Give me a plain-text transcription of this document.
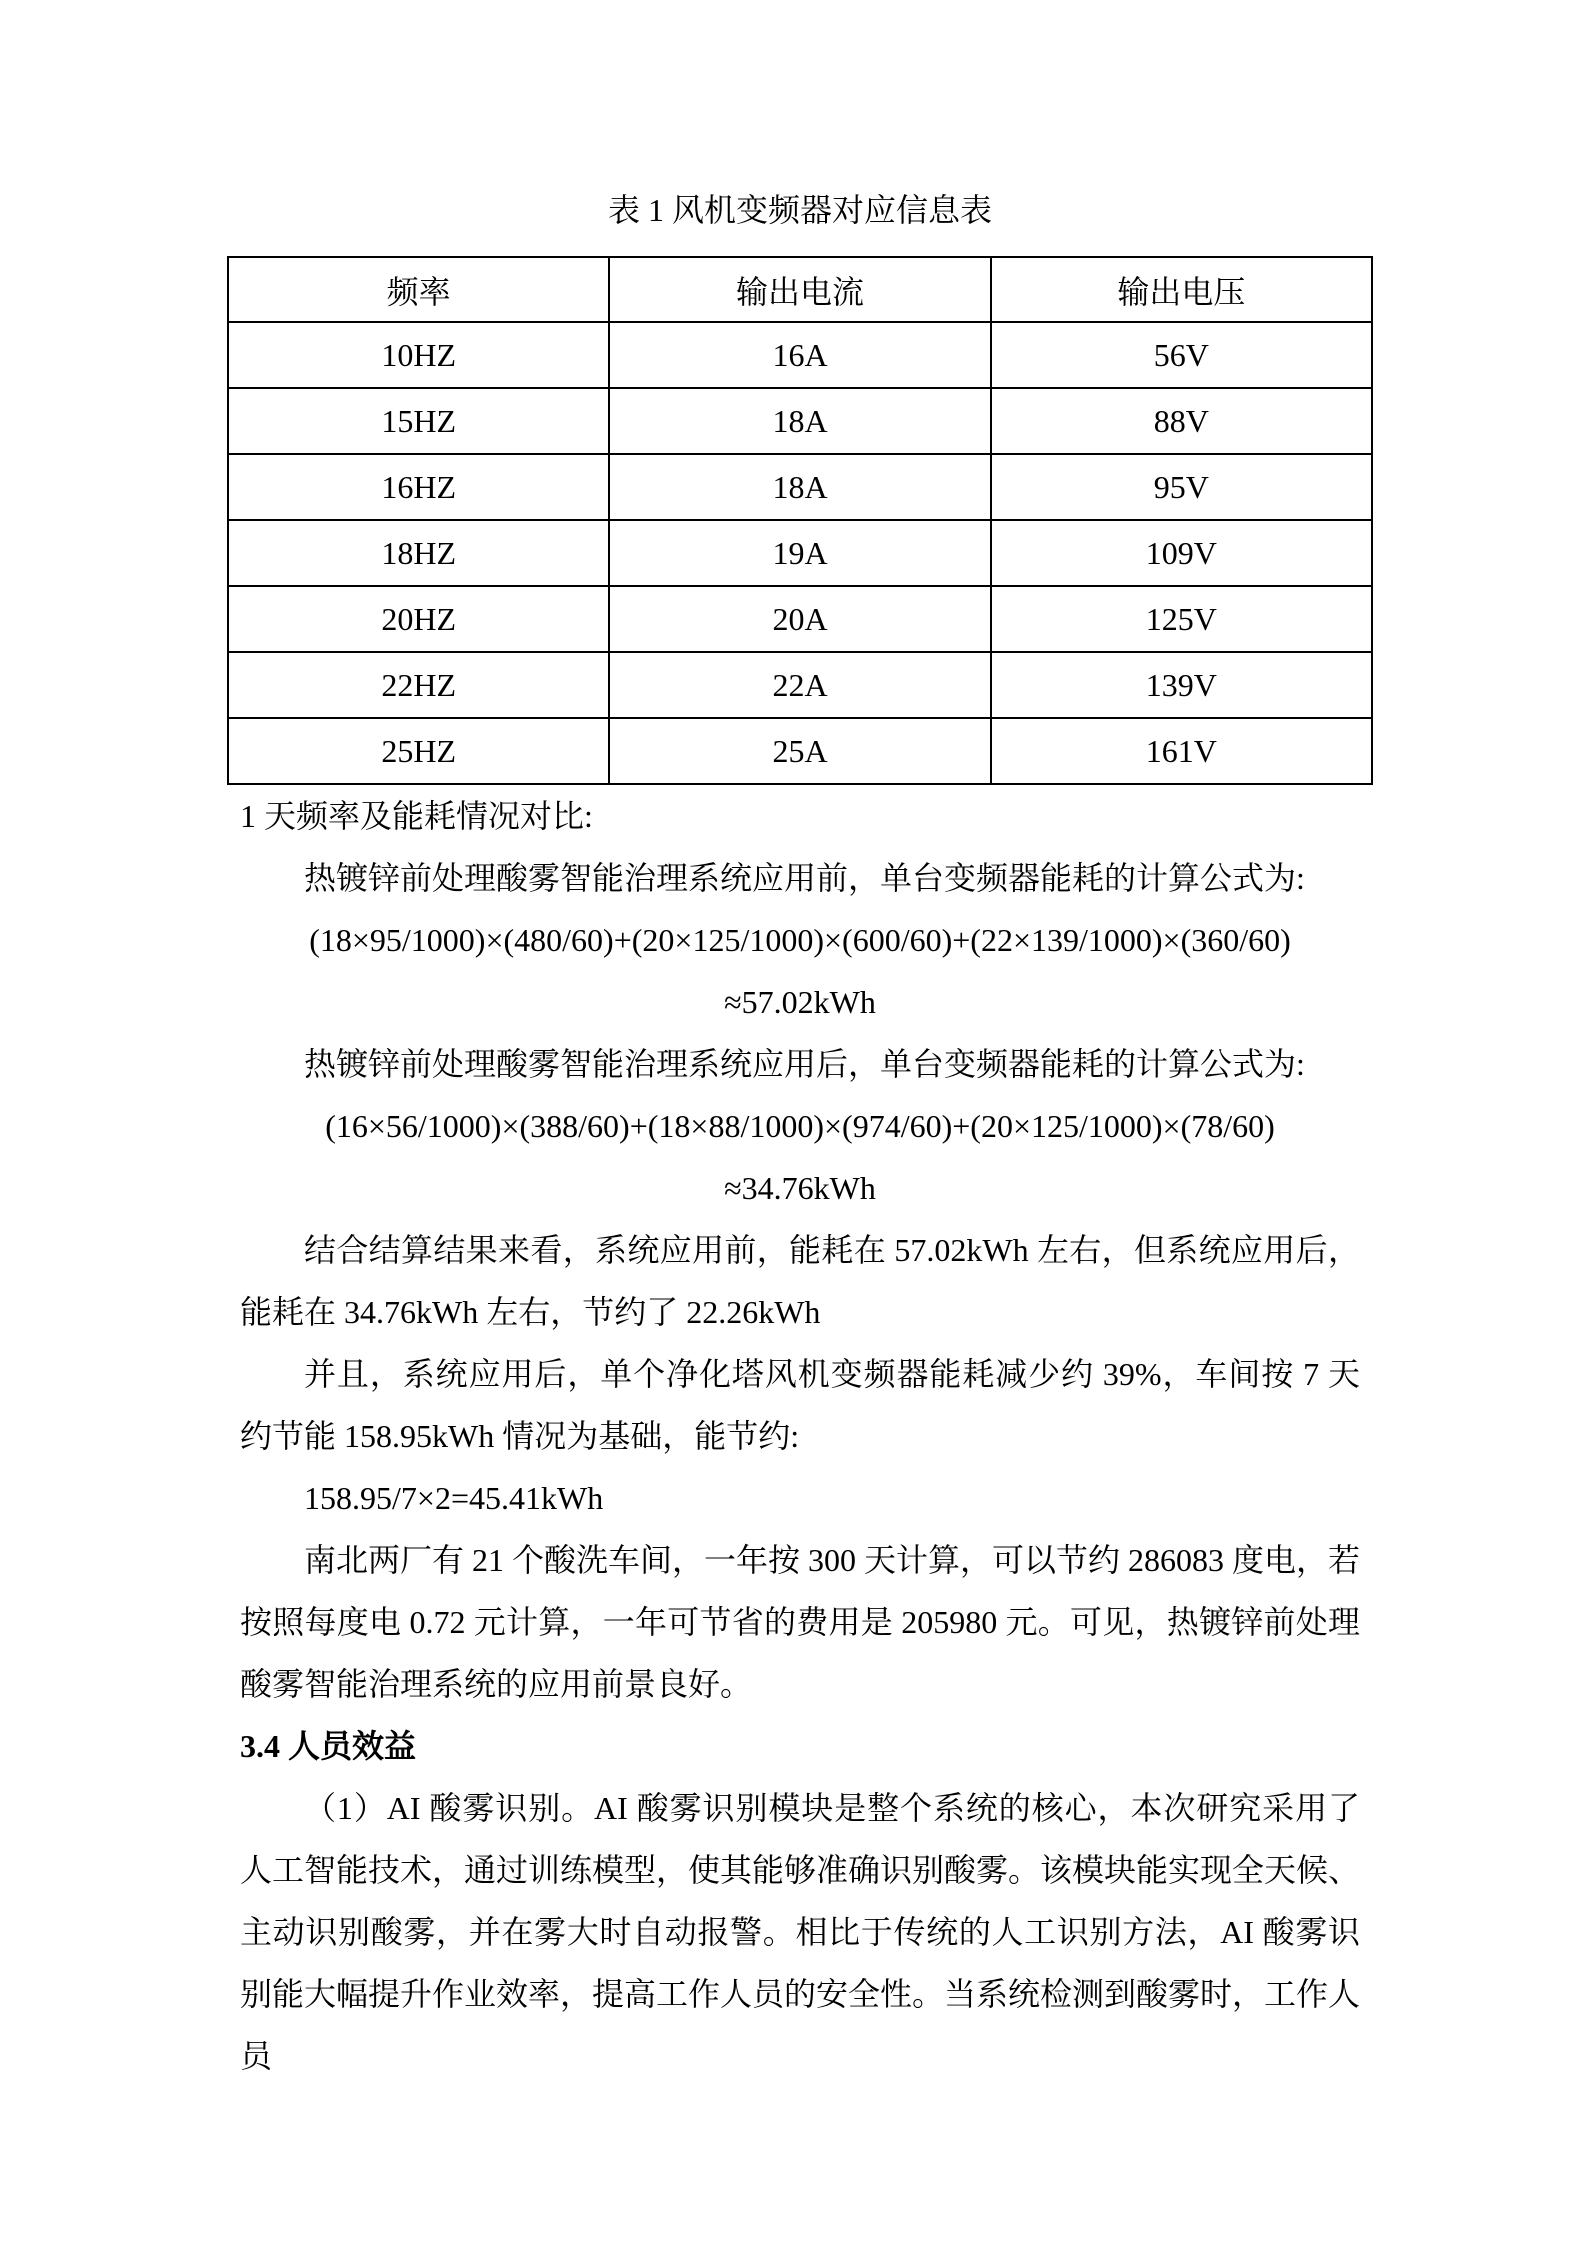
表 1 风机变频器对应信息表
频率	输出电流	输出电压
10HZ	16A	56V
15HZ	18A	88V
16HZ	18A	95V
18HZ	19A	109V
20HZ	20A	125V
22HZ	22A	139V
25HZ	25A	161V
1 天频率及能耗情况对比:
热镀锌前处理酸雾智能治理系统应用前，单台变频器能耗的计算公式为:
(18×95/1000)×(480/60)+(20×125/1000)×(600/60)+(22×139/1000)×(360/60)
≈57.02kWh
热镀锌前处理酸雾智能治理系统应用后，单台变频器能耗的计算公式为:
(16×56/1000)×(388/60)+(18×88/1000)×(974/60)+(20×125/1000)×(78/60)
≈34.76kWh
结合结算结果来看，系统应用前，能耗在 57.02kWh 左右，但系统应用后，能耗在 34.76kWh 左右，节约了 22.26kWh
并且，系统应用后，单个净化塔风机变频器能耗减少约 39%，车间按 7 天约节能 158.95kWh 情况为基础，能节约:
158.95/7×2=45.41kWh
南北两厂有 21 个酸洗车间，一年按 300 天计算，可以节约 286083 度电，若按照每度电 0.72 元计算，一年可节省的费用是 205980 元。可见，热镀锌前处理酸雾智能治理系统的应用前景良好。
3.4 人员效益
（1）AI 酸雾识别。AI 酸雾识别模块是整个系统的核心，本次研究采用了人工智能技术，通过训练模型，使其能够准确识别酸雾。该模块能实现全天候、主动识别酸雾，并在雾大时自动报警。相比于传统的人工识别方法，AI 酸雾识别能大幅提升作业效率，提高工作人员的安全性。当系统检测到酸雾时，工作人员
